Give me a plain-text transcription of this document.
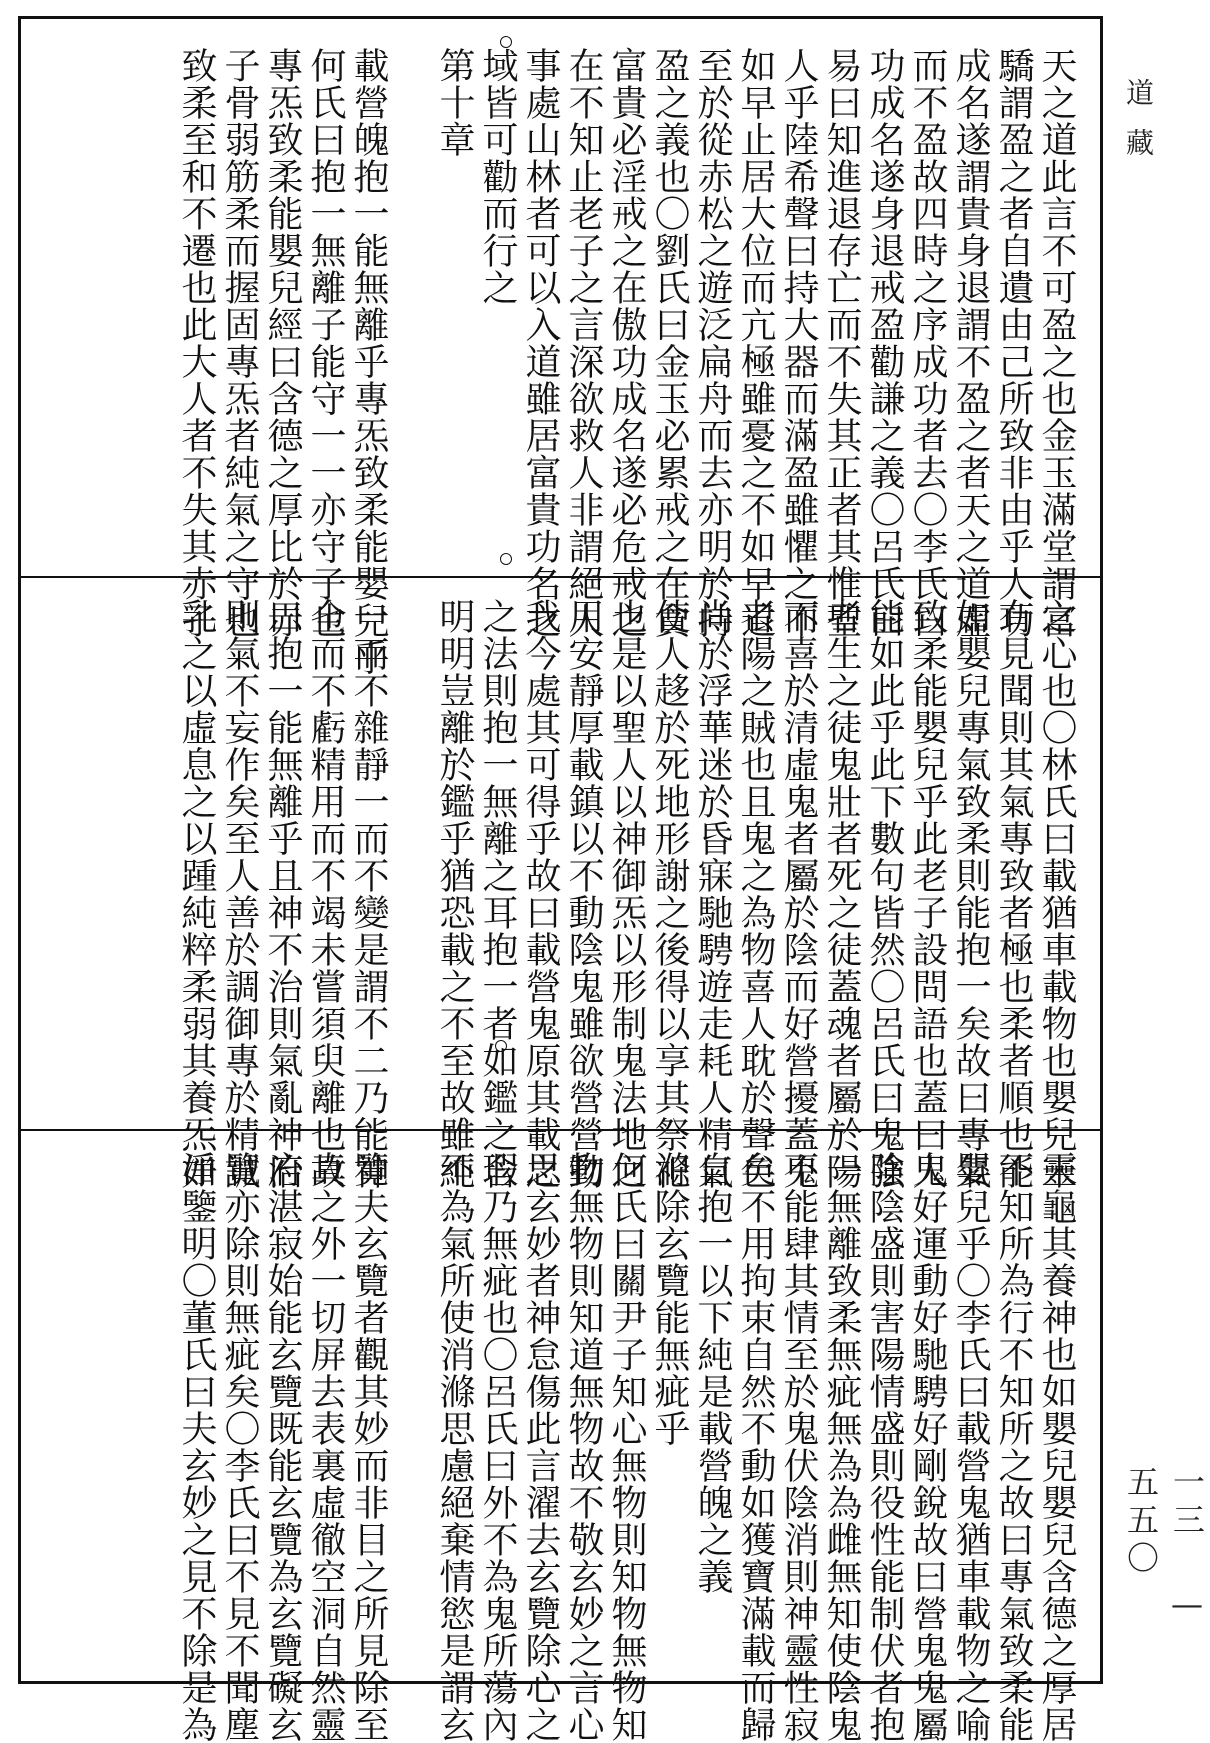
天之道此言不可盈之也金玉滿堂謂富
驕謂盈之者自遺由己所致非由乎人功
成名遂謂貴身退謂不盈之者天之道虛
而不盈故四時之序成功者去〇李氏曰
功成名遂身退戒盈勸謙之義〇呂氏曰
易曰知進退存亡而不失其正者其惟聖
人乎陸希聲曰持大器而滿盈雖懼之不
如早止居大位而亢極雖憂之不如早退
至於從赤松之遊泛扁舟而去亦明於持
盈之義也〇劉氏曰金玉必累戒之在貪
富貴必淫戒之在傲功成名遂必危戒之
在不知止老子之言深欲救人非謂絕人
事處山林者可以入道雖居富貴功名之
域皆可勸而行之
第十章
載營魄抱一能無離乎專炁致柔能嬰兒乎
何氏曰抱一無離子能守一一亦守子也
專炁致柔能嬰兒經曰含德之厚比於赤
子骨弱筋柔而握固專炁者純氣之守也
致柔至和不遷也此大人者不失其赤子
之心也〇林氏曰載猶車載物也嬰兒未
有見聞則其氣專致者極也柔者順也能
如嬰兒專氣致柔則能抱一矣故曰專氣
致柔能嬰兒乎此老子設問語也蓋曰人
能如此乎此下數句皆然〇呂氏曰鬼強
者生之徒鬼壯者死之徒蓋魂者屬於陽
而喜於清虛鬼者屬於陰而好營擾蓋鬼
者陽之賊也且鬼之為物喜人耽於聲色
尚於浮華迷於昏寐馳騁遊走耗人精氣
使人趍於死地形謝之後得以享其祭祀
也是以聖人以神御炁以形制鬼法地之
用安靜厚載鎮以不動陰鬼雖欲營營動
我今處其可得乎故曰載營鬼原其載之
之法則抱一無離之耳抱一者如鑑之含
明明豈離於鑑乎猶恐載之不至故雖純
一而不雜靜一而不變是謂不二乃能神
全而不虧精用而不竭未嘗須臾離也故
曰抱一能無離乎且神不治則氣亂神治
則氣不妄作矣至人善於調御專於精誠
乳之以虛息之以踵純粹柔弱其養炁如
靈龜其養神也如嬰兒嬰兒含德之厚居
不知所為行不知所之故曰專氣致柔能
嬰兒乎〇李氏曰載營鬼猶車載物之喻
鬼好運動好馳騁好剛銳故曰營鬼鬼屬
陰陰盛則害陽情盛則役性能制伏者抱
一無離致柔無疵無為為雌無知使陰鬼
不能肆其情至於鬼伏陰消則神靈性寂
矣不用拘束自然不動如獲寶滿載而歸
自抱一以下純是載營魄之義
滌除玄覽能無疵乎
何氏曰關尹子知心無物則知物無物知
物無物則知道無物故不敬玄妙之言心
思玄妙者神怠傷此言濯去玄覽除心之
瑕乃無疵也〇呂氏曰外不為鬼所蕩內
不為氣所使消滌思慮絕棄情慾是謂玄
覽夫玄覽者觀其妙而非目之所見除至
真之外一切屏去表裏虛徹空洞自然靈
府湛寂始能玄覽既能玄覽為玄覽礙玄
覽亦除則無疵矣〇李氏曰不見不聞塵
淨鑒明〇董氏曰夫玄妙之見不除是為
道藏
一三 — 五五〇
